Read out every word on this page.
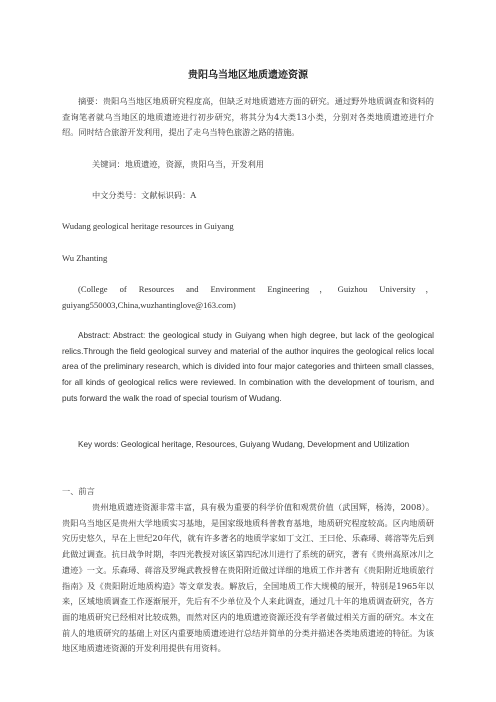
贵阳乌当地区地质遗迹资源

摘要：贵阳乌当地区地质研究程度高，但缺乏对地质遗迹方面的研究。通过野外地质调查和资料的查询笔者就乌当地区的地质遗迹进行初步研究，将其分为4大类13小类，分别对各类地质遗迹进行介绍。同时结合旅游开发利用，提出了走乌当特色旅游之路的措施。

关键词：地质遗迹，资源，贵阳乌当，开发利用

中文分类号：文献标识码：A

Wudang geological heritage resources in Guiyang

Wu Zhanting

(College of Resources and Environment Engineering，Guizhou University，guiyang550003,China,wuzhantinglove@163.com)

Abstract: Abstract: the geological study in Guiyang when high degree, but lack of the geological relics.Through the field geological survey and material of the author inquires the geological relics local area of the preliminary research, which is divided into four major categories and thirteen small classes, for all kinds of geological relics were reviewed. In combination with the development of tourism, and puts forward the walk the road of special tourism of Wudang.

Key words: Geological heritage, Resources, Guiyang Wudang, Development and Utilization

一、前言

贵州地质遗迹资源非常丰富，具有极为重要的科学价值和观赏价值（武国辉，杨涛，2008）。贵阳乌当地区是贵州大学地质实习基地，是国家级地质科普教育基地，地质研究程度较高。区内地质研究历史悠久，早在上世纪20年代，就有许多著名的地质学家如丁文江、王曰伦、乐森璕、蒋溶等先后到此做过调查。抗日战争时期，李四光教授对该区第四纪冰川进行了系统的研究，著有《贵州高原冰川之遗迹》一文。乐森璕、蒋溶及罗绳武教授曾在贵阳附近做过详细的地质工作并著有《贵阳附近地质旅行指南》及《贵阳附近地质构造》等文章发表。解放后，全国地质工作大规模的展开，特别是1965年以来，区域地质调查工作逐渐展开，先后有不少单位及个人来此调查，通过几十年的地质调查研究，各方面的地质研究已经相对比较成熟，而然对区内的地质遗迹资源还没有学者做过相关方面的研究。本文在前人的地质研究的基础上对区内重要地质遗迹进行总结并简单的分类并描述各类地质遗迹的特征。为该地区地质遗迹资源的开发利用提供有用资料。
